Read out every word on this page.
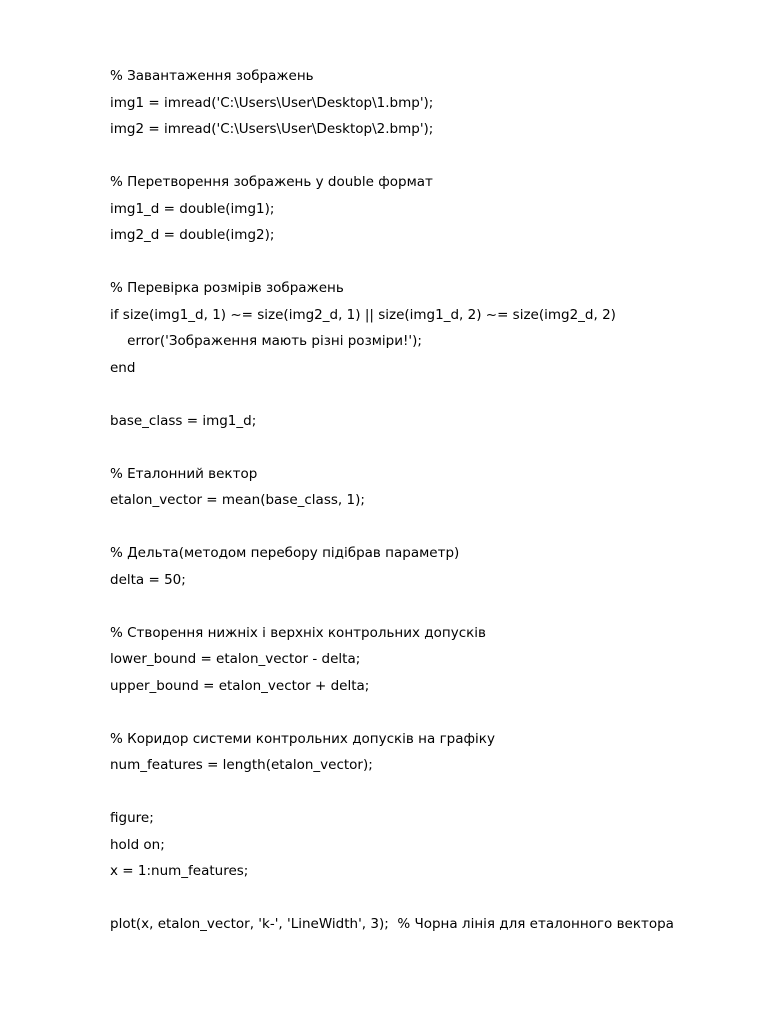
% Завантаження зображень
img1 = imread('C:\Users\User\Desktop\1.bmp');
img2 = imread('C:\Users\User\Desktop\2.bmp');
% Перетворення зображень у double формат
img1_d = double(img1);
img2_d = double(img2);
% Перевірка розмірів зображень
if size(img1_d, 1) ~= size(img2_d, 1) || size(img1_d, 2) ~= size(img2_d, 2)
error('Зображення мають різні розміри!');
end
base_class = img1_d;
% Еталонний вектор
etalon_vector = mean(base_class, 1);
% Дельта(методом перебору підібрав параметр)
delta = 50;
% Створення нижніх і верхніх контрольних допусків
lower_bound = etalon_vector - delta;
upper_bound = etalon_vector + delta;
% Коридор системи контрольних допусків на графіку
num_features = length(etalon_vector);
figure;
hold on;
x = 1:num_features;
plot(x, etalon_vector, 'k-', 'LineWidth', 3);  % Чорна лінія для еталонного вектора
